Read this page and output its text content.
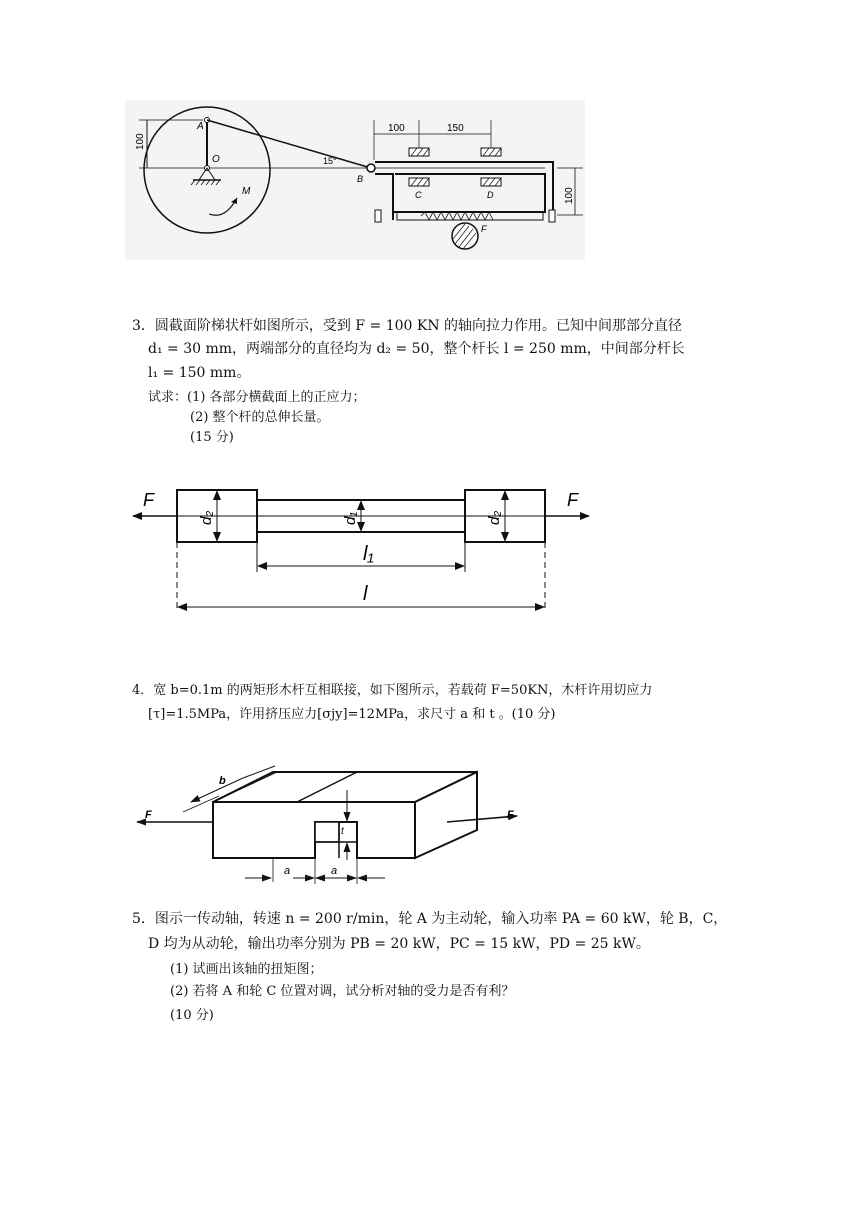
100
A
O
M
15°
B
100	150
C	D	100
F
3．圆截面阶梯状杆如图所示，受到 F = 100 KN 的轴向拉力作用。已知中间那部分直径
d₁ = 30 mm，两端部分的直径均为 d₂ = 50，整个杆长 l = 250 mm，中间部分杆长
l₁ = 150 mm。
试求：(1) 各部分横截面上的正应力；
(2) 整个杆的总伸长量。
(15 分)
F	F
d₂	d₁	d₂
l₁
l
4．宽 b=0.1m 的两矩形木杆互相联接，如下图所示，若载荷 F=50KN，木杆许用切应力
[τ]=1.5MPa，许用挤压应力[σjy]=12MPa，求尺寸 a 和 t 。(10 分)
t
b
F	F
a	a
5．图示一传动轴，转速 n = 200 r/min，轮 A 为主动轮，输入功率 PA = 60 kW，轮 B，C，
D 均为从动轮，输出功率分别为 PB = 20 kW，PC = 15 kW，PD = 25 kW。
(1) 试画出该轴的扭矩图；
(2) 若将 A 和轮 C 位置对调，试分析对轴的受力是否有利？
(10 分)
